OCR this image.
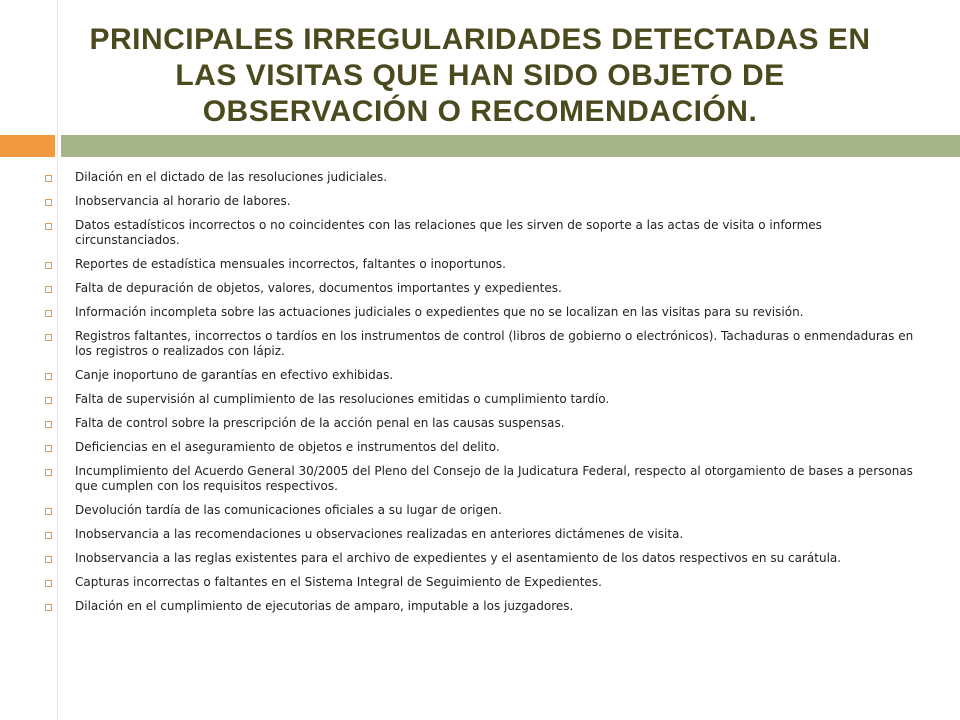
PRINCIPALES IRREGULARIDADES DETECTADAS EN
LAS VISITAS QUE HAN SIDO OBJETO DE
OBSERVACIÓN O RECOMENDACIÓN.
Dilación en el dictado de las resoluciones judiciales.
Inobservancia al horario de labores.
Datos estadísticos incorrectos o no coincidentes con las relaciones que les sirven de soporte a las actas de visita o informes circunstanciados.
Reportes de estadística mensuales incorrectos, faltantes o inoportunos.
Falta de depuración de objetos, valores, documentos importantes y expedientes.
Información incompleta sobre las actuaciones judiciales o expedientes que no se localizan en las visitas para su revisión.
Registros faltantes, incorrectos o tardíos en los instrumentos de control (libros de gobierno o electrónicos). Tachaduras o enmendaduras en los registros o realizados con lápiz.
Canje inoportuno de garantías en efectivo exhibidas.
Falta de supervisión al cumplimiento de las resoluciones emitidas o cumplimiento tardío.
Falta de control sobre la prescripción de la acción penal en las causas suspensas.
Deficiencias en el aseguramiento de objetos e instrumentos del delito.
Incumplimiento del Acuerdo General 30/2005 del Pleno del Consejo de la Judicatura Federal, respecto al otorgamiento de bases a personas que cumplen con los requisitos respectivos.
Devolución tardía de las comunicaciones oficiales a su lugar de origen.
Inobservancia a las recomendaciones u observaciones realizadas en anteriores dictámenes de visita.
Inobservancia a las reglas existentes para el archivo de expedientes y el asentamiento de los datos respectivos en su carátula.
Capturas incorrectas o faltantes en el Sistema Integral de Seguimiento de Expedientes.
Dilación en el cumplimiento de ejecutorias de amparo, imputable a los juzgadores.
